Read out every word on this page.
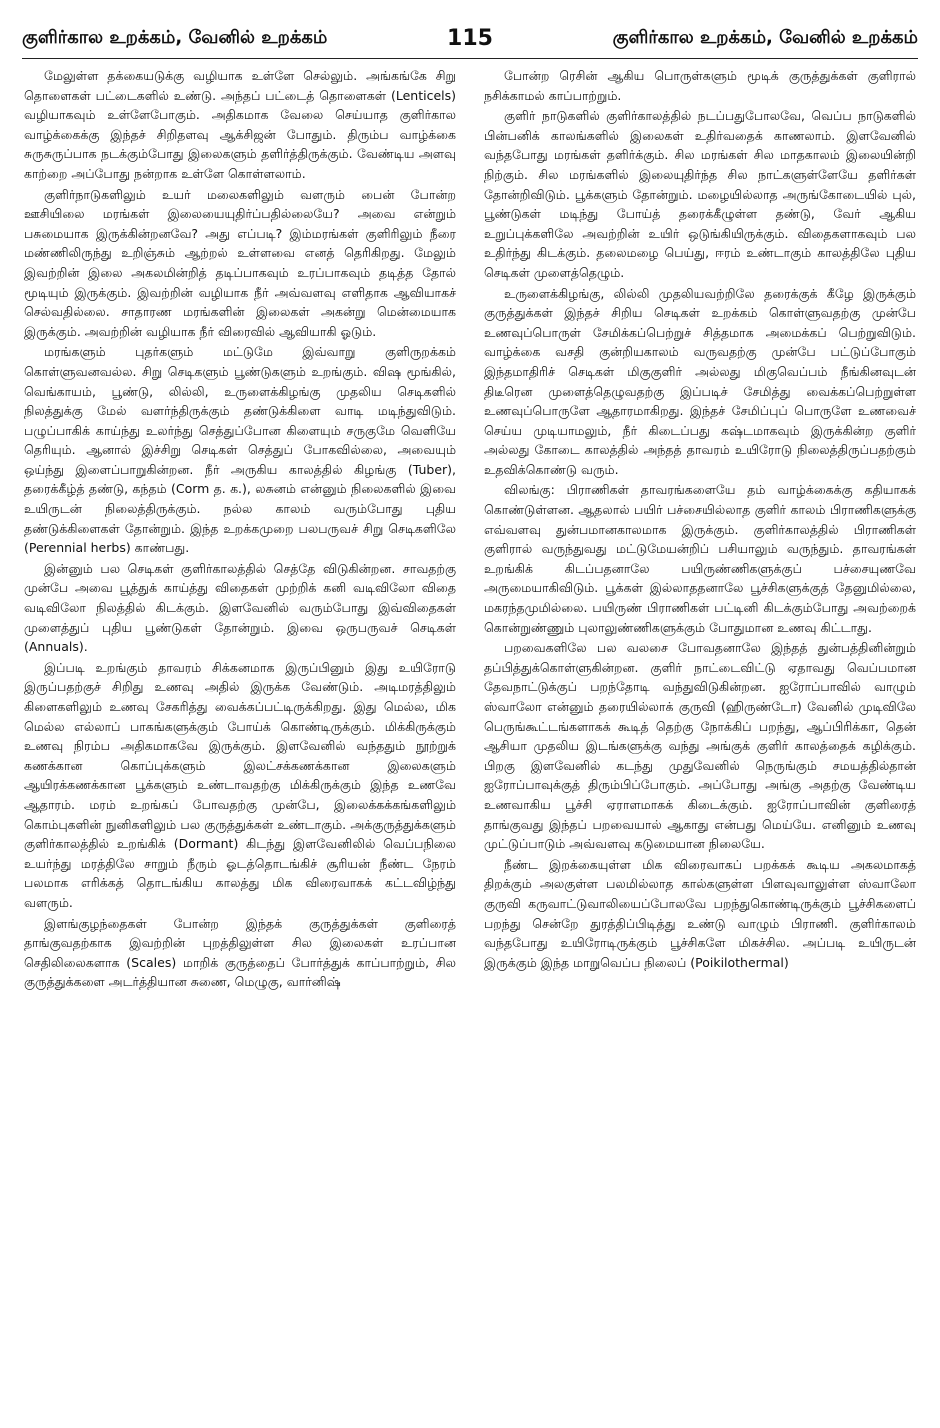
குளிர்கால உறக்கம், வேனில் உறக்கம்	115	குளிர்கால உறக்கம், வேனில் உறக்கம்

மேலுள்ள தக்கையடுக்கு வழியாக உள்ளே செல்லும். அங்கங்கே சிறு தொளைகள் பட்டைகளில் உண்டு. அந்தப் பட்டைத் தொளைகள் (Lenticels) வழியாகவும் உள்ளேபோகும். அதிகமாக வேலை செய்யாத குளிர்கால வாழ்க்கைக்கு இந்தச் சிறிதளவு ஆக்சிஜன் போதும். திரும்ப வாழ்க்கை சுருசுருப்பாக நடக்கும்போது இலைகளும் தளிர்த்திருக்கும். வேண்டிய அளவு காற்றை அப்போது நன்றாக உள்ளே கொள்ளலாம்.

குளிர்நாடுகளிலும் உயர் மலைகளிலும் வளரும் பைன் போன்ற ஊசியிலை மரங்கள் இலையையுதிர்ப்பதில்லையே? அவை என்றும் பசுமையாக இருக்கின்றனவே? அது எப்படி? இம்மரங்கள் குளிரிலும் நீரை மண்ணிலிருந்து உறிஞ்சும் ஆற்றல் உள்ளவை எனத் தெரிகிறது. மேலும் இவற்றின் இலை அகலமின்றித் தடிப்பாகவும் உரப்பாகவும் தடித்த தோல் மூடியும் இருக்கும். இவற்றின் வழியாக நீர் அவ்வளவு எளிதாக ஆவியாகச் செல்வதில்லை. சாதாரண மரங்களின் இலைகள் அகன்று மென்மையாக இருக்கும். அவற்றின் வழியாக நீர் விரைவில் ஆவியாகி ஓடும்.

மரங்களும் புதர்களும் மட்டுமே இவ்வாறு குளிருறக்கம் கொள்ளுவனவல்ல. சிறு செடிகளும் பூண்டுகளும் உறங்கும். விஷ மூங்கில், வெங்காயம், பூண்டு, லில்லி, உருளைக்கிழங்கு முதலிய செடிகளில் நிலத்துக்கு மேல் வளர்ந்திருக்கும் தண்டுக்கிளை வாடி மடிந்துவிடும். பழுப்பாகிக் காய்ந்து உலர்ந்து செத்துப்போன கிளையும் சருகுமே வெளியே தெரியும். ஆனால் இச்சிறு செடிகள் செத்துப் போகவில்லை, அவையும் ஒய்ந்து இளைப்பாறுகின்றன. நீர் அருகிய காலத்தில் கிழங்கு (Tuber), தரைக்கீழ்த் தண்டு, கந்தம் (Corm த. க.), லசுனம் என்னும் நிலைகளில் இவை உயிருடன் நிலைத்திருக்கும். நல்ல காலம் வரும்போது புதிய தண்டுக்கிளைகள் தோன்றும். இந்த உறக்கமுறை பலபருவச் சிறு செடிகளிலே (Perennial herbs) காண்பது.

இன்னும் பல செடிகள் குளிர்காலத்தில் செத்தே விடுகின்றன. சாவதற்கு முன்பே அவை பூத்துக் காய்த்து விதைகள் முற்றிக் கனி வடிவிலோ விதை வடிவிலோ நிலத்தில் கிடக்கும். இளவேனில் வரும்போது இவ்விதைகள் முளைத்துப் புதிய பூண்டுகள் தோன்றும். இவை ஒருபருவச் செடிகள் (Annuals).

இப்படி உறங்கும் தாவரம் சிக்கனமாக இருப்பினும் இது உயிரோடு இருப்பதற்குச் சிறிது உணவு அதில் இருக்க வேண்டும். அடிமரத்திலும் கிளைகளிலும் உணவு சேகரித்து வைக்கப்பட்டிருக்கிறது. இது மெல்ல, மிக மெல்ல எல்லாப் பாகங்களுக்கும் போய்க் கொண்டிருக்கும். மிக்கிருக்கும் உணவு நிரம்ப அதிகமாகவே இருக்கும். இளவேனில் வந்ததும் நூற்றுக் கணக்கான கொப்புக்களும் இலட்சக்கணக்கான இலைகளும் ஆயிரக்கணக்கான பூக்களும் உண்டாவதற்கு மிக்கிருக்கும் இந்த உணவே ஆதாரம். மரம் உறங்கப் போவதற்கு முன்பே, இலைக்கக்கங்களிலும் கொம்புகளின் நுனிகளிலும் பல குருத்துக்கள் உண்டாகும். அக்குருத்துக்களும் குளிர்காலத்தில் உறங்கிக் (Dormant) கிடந்து இளவேனிலில் வெப்பநிலை உயர்ந்து மரத்திலே சாறும் நீரும் ஓடத்தொடங்கிச் சூரியன் நீண்ட நேரம் பலமாக எரிக்கத் தொடங்கிய காலத்து மிக விரைவாகக் கட்டவிழ்ந்து வளரும்.

இளங்குழந்தைகள் போன்ற இந்தக் குருத்துக்கள் குளிரைத் தாங்குவதற்காக இவற்றின் புறத்திலுள்ள சில இலைகள் உரப்பான செதிலிலைகளாக (Scales) மாறிக் குருத்தைப் போர்த்துக் காப்பாற்றும், சில குருத்துக்களை அடர்த்தியான சுணை, மெழுகு, வார்னிஷ்

போன்ற ரெசின் ஆகிய பொருள்களும் மூடிக் குருத்துக்கள் குளிரால் நசிக்காமல் காப்பாற்றும்.

குளிர் நாடுகளில் குளிர்காலத்தில் நடப்பதுபோலவே, வெப்ப நாடுகளில் பின்பனிக் காலங்களில் இலைகள் உதிர்வதைக் காணலாம். இளவேனில் வந்தபோது மரங்கள் தளிர்க்கும். சில மரங்கள் சில மாதகாலம் இலையின்றி நிற்கும். சில மரங்களில் இலையுதிர்ந்த சில நாட்களுள்ளேயே தளிர்கள் தோன்றிவிடும். பூக்களும் தோன்றும். மழையில்லாத அருங்கோடையில் புல், பூண்டுகள் மடிந்து போய்த் தரைக்கீழுள்ள தண்டு, வேர் ஆகிய உறுப்புக்களிலே அவற்றின் உயிர் ஒடுங்கியிருக்கும். விதைகளாகவும் பல உதிர்ந்து கிடக்கும். தலைமழை பெய்து, ஈரம் உண்டாகும் காலத்திலே புதிய செடிகள் முளைத்தெழும்.

உருளைக்கிழங்கு, லில்லி முதலியவற்றிலே தரைக்குக் கீழே இருக்கும் குருத்துக்கள் இந்தச் சிறிய செடிகள் உறக்கம் கொள்ளுவதற்கு முன்பே உணவுப்பொருள் சேமிக்கப்பெற்றுச் சித்தமாக அமைக்கப் பெற்றுவிடும். வாழ்க்கை வசதி குன்றியகாலம் வருவதற்கு முன்பே பட்டுப்போகும் இந்தமாதிரிச் செடிகள் மிகுகுளிர் அல்லது மிகுவெப்பம் நீங்கினவுடன் திடீரென முளைத்தெழுவதற்கு இப்படிச் சேமித்து வைக்கப்பெற்றுள்ள உணவுப்பொருளே ஆதாரமாகிறது. இந்தச் சேமிப்புப் பொருளே உணவைச் செய்ய முடியாமலும், நீர் கிடைப்பது கஷ்டமாகவும் இருக்கின்ற குளிர் அல்லது கோடை காலத்தில் அந்தத் தாவரம் உயிரோடு நிலைத்திருப்பதற்கும் உதவிக்கொண்டு வரும்.

விலங்கு: பிராணிகள் தாவரங்களையே தம் வாழ்க்கைக்கு கதியாகக் கொண்டுள்ளன. ஆதலால் பயிர் பச்சையில்லாத குளிர் காலம் பிராணிகளுக்கு எவ்வளவு துன்பமானகாலமாக இருக்கும். குளிர்காலத்தில் பிராணிகள் குளிரால் வருந்துவது மட்டுமேயன்றிப் பசியாலும் வருந்தும். தாவரங்கள் உறங்கிக் கிடப்பதனாலே பயிருண்ணிகளுக்குப் பச்சையுணவே அருமையாகிவிடும். பூக்கள் இல்லாததனாலே பூச்சிகளுக்குத் தேனுமில்லை, மகரந்தமுமில்லை. பயிருண் பிராணிகள் பட்டினி கிடக்கும்போது அவற்றைக் கொன்றுண்ணும் புலாலுண்ணிகளுக்கும் போதுமான உணவு கிட்டாது.

பறவைகளிலே பல வலசை போவதனாலே இந்தத் துன்பத்தினின்றும் தப்பித்துக்கொள்ளுகின்றன. குளிர் நாட்டைவிட்டு ஏதாவது வெப்பமான தேவநாட்டுக்குப் பறந்தோடி வந்துவிடுகின்றன. ஐரோப்பாவில் வாழும் ஸ்வாலோ என்னும் தரையில்லாக் குருவி (ஹிருண்டோ) வேனில் முடிவிலே பெருங்கூட்டங்களாகக் கூடித் தெற்கு நோக்கிப் பறந்து, ஆப்பிரிக்கா, தென் ஆசியா முதலிய இடங்களுக்கு வந்து அங்குக் குளிர் காலத்தைக் கழிக்கும். பிறகு இளவேனில் கடந்து முதுவேனில் நெருங்கும் சமயத்தில்தான் ஐரோப்பாவுக்குத் திரும்பிப்போகும். அப்போது அங்கு அதற்கு வேண்டிய உணவாகிய பூச்சி ஏராளமாகக் கிடைக்கும். ஐரோப்பாவின் குளிரைத் தாங்குவது இந்தப் பறவையால் ஆகாது என்பது மெய்யே. எனினும் உணவு முட்டுப்பாடும் அவ்வளவு கடுமையான நிலையே.

நீண்ட இறக்கையுள்ள மிக விரைவாகப் பறக்கக் கூடிய அகலமாகத் திறக்கும் அலகுள்ள பலமில்லாத கால்களுள்ள பிளவுவாலுள்ள ஸ்வாலோ குருவி கருவாட்டுவாலியைப்போலவே பறந்துகொண்டிருக்கும் பூச்சிகளைப் பறந்து சென்றே துரத்திப்பிடித்து உண்டு வாழும் பிராணி. குளிர்காலம் வந்தபோது உயிரோடிருக்கும் பூச்சிகளே மிகச்சில. அப்படி உயிருடன் இருக்கும் இந்த மாறுவெப்ப நிலைப் (Poikilothermal)
